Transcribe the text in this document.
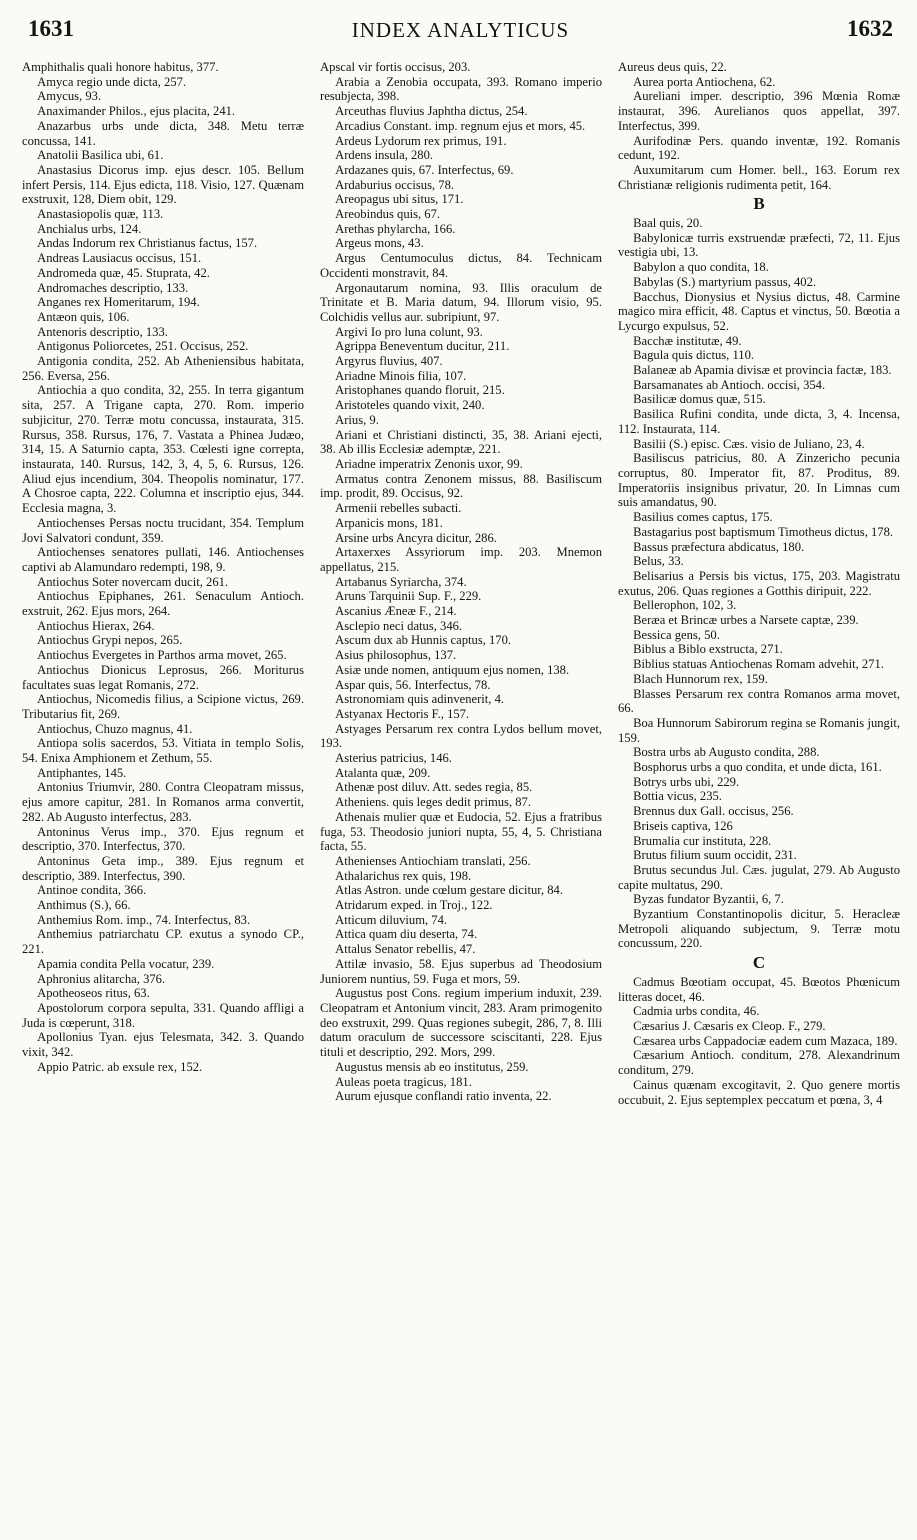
1631	INDEX ANALYTICUS	1632

Amphithalis quali honore habitus, 377.

Amyca regio unde dicta, 257.

Amycus, 93.

Anaximander Philos., ejus placita, 241.

Anazarbus urbs unde dicta, 348. Metu terræ concussa, 141.

Anatolii Basilica ubi, 61.

Anastasius Dicorus imp. ejus descr. 105. Bellum infert Persis, 114. Ejus edicta, 118. Visio, 127. Quænam exstruxit, 128, Diem obit, 129.

Anastasiopolis quæ, 113.

Anchialus urbs, 124.

Andas Indorum rex Christianus factus, 157.

Andreas Lausiacus occisus, 151.

Andromeda quæ, 45. Stuprata, 42.

Andromaches descriptio, 133.

Anganes rex Homeritarum, 194.

Antæon quis, 106.

Antenoris descriptio, 133.

Antigonus Poliorcetes, 251. Occisus, 252.

Antigonia condita, 252. Ab Atheniensibus habitata, 256. Eversa, 256.

Antiochia a quo condita, 32, 255. In terra gigantum sita, 257. A Trigane capta, 270. Rom. imperio subjicitur, 270. Terræ motu concussa, instaurata, 315. Rursus, 358. Rursus, 176, 7. Vastata a Phinea Judæo, 314, 15. A Saturnio capta, 353. Cœlesti igne correpta, instaurata, 140. Rursus, 142, 3, 4, 5, 6. Rursus, 126. Aliud ejus incendium, 304. Theopolis nominatur, 177. A Chosroe capta, 222. Columna et inscriptio ejus, 344. Ecclesia magna, 3.

Antiochenses Persas noctu trucidant, 354. Templum Jovi Salvatori condunt, 359.

Antiochenses senatores pullati, 146. Antiochenses captivi ab Alamundaro redempti, 198, 9.

Antiochus Soter novercam ducit, 261.

Antiochus Epiphanes, 261. Senaculum Antioch. exstruit, 262. Ejus mors, 264.

Antiochus Hierax, 264.

Antiochus Grypi nepos, 265.

Antiochus Evergetes in Parthos arma movet, 265.

Antiochus Dionicus Leprosus, 266. Moriturus facultates suas legat Romanis, 272.

Antiochus, Nicomedis filius, a Scipione victus, 269. Tributarius fit, 269.

Antiochus, Chuzo magnus, 41.

Antiopa solis sacerdos, 53. Vitiata in templo Solis, 54. Enixa Amphionem et Zethum, 55.

Antiphantes, 145.

Antonius Triumvir, 280. Contra Cleopatram missus, ejus amore capitur, 281. In Romanos arma convertit, 282. Ab Augusto interfectus, 283.

Antoninus Verus imp., 370. Ejus regnum et descriptio, 370. Interfectus, 370.

Antoninus Geta imp., 389. Ejus regnum et descriptio, 389. Interfectus, 390.

Antinoe condita, 366.

Anthimus (S.), 66.

Anthemius Rom. imp., 74. Interfectus, 83.

Anthemius patriarchatu CP. exutus a synodo CP., 221.

Apamia condita Pella vocatur, 239.

Aphronius alitarcha, 376.

Apotheoseos ritus, 63.

Apostolorum corpora sepulta, 331. Quando affligi a Juda is cœperunt, 318.

Apollonius Tyan. ejus Telesmata, 342. 3. Quando vixit, 342.

Appio Patric. ab exsule rex, 152.

Apscal vir fortis occisus, 203.

Arabia a Zenobia occupata, 393. Romano imperio resubjecta, 398.

Arceuthas fluvius Japhtha dictus, 254.

Arcadius Constant. imp. regnum ejus et mors, 45.

Ardeus Lydorum rex primus, 191.

Ardens insula, 280.

Ardazanes quis, 67. Interfectus, 69.

Ardaburius occisus, 78.

Areopagus ubi situs, 171.

Areobindus quis, 67.

Arethas phylarcha, 166.

Argeus mons, 43.

Argus Centumoculus dictus, 84. Technicam Occidenti monstravit, 84.

Argonautarum nomina, 93. Illis oraculum de Trinitate et B. Maria datum, 94. Illorum visio, 95. Colchidis vellus aur. subripiunt, 97.

Argivi Io pro luna colunt, 93.

Agrippa Beneventum ducitur, 211.

Argyrus fluvius, 407.

Ariadne Minois filia, 107.

Aristophanes quando floruit, 215.

Aristoteles quando vixit, 240.

Arius, 9.

Ariani et Christiani distincti, 35, 38. Ariani ejecti, 38. Ab illis Ecclesiæ ademptæ, 221.

Ariadne imperatrix Zenonis uxor, 99.

Armatus contra Zenonem missus, 88. Basiliscum imp. prodit, 89. Occisus, 92.

Armenii rebelles subacti.

Arpanicis mons, 181.

Arsine urbs Ancyra dicitur, 286.

Artaxerxes Assyriorum imp. 203. Mnemon appellatus, 215.

Artabanus Syriarcha, 374.

Aruns Tarquinii Sup. F., 229.

Ascanius Æneæ F., 214.

Asclepio neci datus, 346.

Ascum dux ab Hunnis captus, 170.

Asius philosophus, 137.

Asiæ unde nomen, antiquum ejus nomen, 138.

Aspar quis, 56. Interfectus, 78.

Astronomiam quis adinvenerit, 4.

Astyanax Hectoris F., 157.

Astyages Persarum rex contra Lydos bellum movet, 193.

Asterius patricius, 146.

Atalanta quæ, 209.

Athenæ post diluv. Att. sedes regia, 85.

Atheniens. quis leges dedit primus, 87.

Athenais mulier quæ et Eudocia, 52. Ejus a fratribus fuga, 53. Theodosio juniori nupta, 55, 4, 5. Christiana facta, 55.

Athenienses Antiochiam translati, 256.

Athalarichus rex quis, 198.

Atlas Astron. unde cœlum gestare dicitur, 84.

Atridarum exped. in Troj., 122.

Atticum diluvium, 74.

Attica quam diu deserta, 74.

Attalus Senator rebellis, 47.

Attilæ invasio, 58. Ejus superbus ad Theodosium Juniorem nuntius, 59. Fuga et mors, 59.

Augustus post Cons. regium imperium induxit, 239. Cleopatram et Antonium vincit, 283. Aram primogenito deo exstruxit, 299. Quas regiones subegit, 286, 7, 8. Illi datum oraculum de successore sciscitanti, 228. Ejus tituli et descriptio, 292. Mors, 299.

Augustus mensis ab eo institutus, 259.

Auleas poeta tragicus, 181.

Aurum ejusque conflandi ratio inventa, 22.

Aureus deus quis, 22.

Aurea porta Antiochena, 62.

Aureliani imper. descriptio, 396 Mœnia Romæ instaurat, 396. Aurelianos quos appellat, 397. Interfectus, 399.

Aurifodinæ Pers. quando inventæ, 192. Romanis cedunt, 192.

Auxumitarum cum Homer. bell., 163. Eorum rex Christianæ religionis rudimenta petit, 164.

B

Baal quis, 20.

Babylonicæ turris exstruendæ præfecti, 72, 11. Ejus vestigia ubi, 13.

Babylon a quo condita, 18.

Babylas (S.) martyrium passus, 402.

Bacchus, Dionysius et Nysius dictus, 48. Carmine magico mira efficit, 48. Captus et vinctus, 50. Bœotia a Lycurgo expulsus, 52.

Bacchæ institutæ, 49.

Bagula quis dictus, 110.

Balaneæ ab Apamia divisæ et provincia factæ, 183.

Barsamanates ab Antioch. occisi, 354.

Basilicæ domus quæ, 515.

Basilica Rufini condita, unde dicta, 3, 4. Incensa, 112. Instaurata, 114.

Basilii (S.) episc. Cæs. visio de Juliano, 23, 4.

Basiliscus patricius, 80. A Zinzericho pecunia corruptus, 80. Imperator fit, 87. Proditus, 89. Imperatoriis insignibus privatur, 20. In Limnas cum suis amandatus, 90.

Basilius comes captus, 175.

Bastagarius post baptismum Timotheus dictus, 178.

Bassus præfectura abdicatus, 180.

Belus, 33.

Belisarius a Persis bis victus, 175, 203. Magistratu exutus, 206. Quas regiones a Gotthis diripuit, 222.

Bellerophon, 102, 3.

Beræa et Brincæ urbes a Narsete captæ, 239.

Bessica gens, 50.

Biblus a Biblo exstructa, 271.

Biblius statuas Antiochenas Romam advehit, 271.

Blach Hunnorum rex, 159.

Blasses Persarum rex contra Romanos arma movet, 66.

Boa Hunnorum Sabirorum regina se Romanis jungit, 159.

Bostra urbs ab Augusto condita, 288.

Bosphorus urbs a quo condita, et unde dicta, 161.

Botrys urbs ubi, 229.

Bottia vicus, 235.

Brennus dux Gall. occisus, 256.

Briseis captiva, 126

Brumalia cur instituta, 228.

Brutus filium suum occidit, 231.

Brutus secundus Jul. Cæs. jugulat, 279. Ab Augusto capite multatus, 290.

Byzas fundator Byzantii, 6, 7.

Byzantium Constantinopolis dicitur, 5. Heracleæ Metropoli aliquando subjectum, 9. Terræ motu concussum, 220.

C

Cadmus Bœotiam occupat, 45. Bœotos Phœnicum litteras docet, 46.

Cadmia urbs condita, 46.

Cæsarius J. Cæsaris ex Cleop. F., 279.

Cæsarea urbs Cappadociæ eadem cum Mazaca, 189.

Cæsarium Antioch. conditum, 278. Alexandrinum conditum, 279.

Cainus quænam excogitavit, 2. Quo genere mortis occubuit, 2. Ejus septemplex peccatum et pœna, 3, 4
